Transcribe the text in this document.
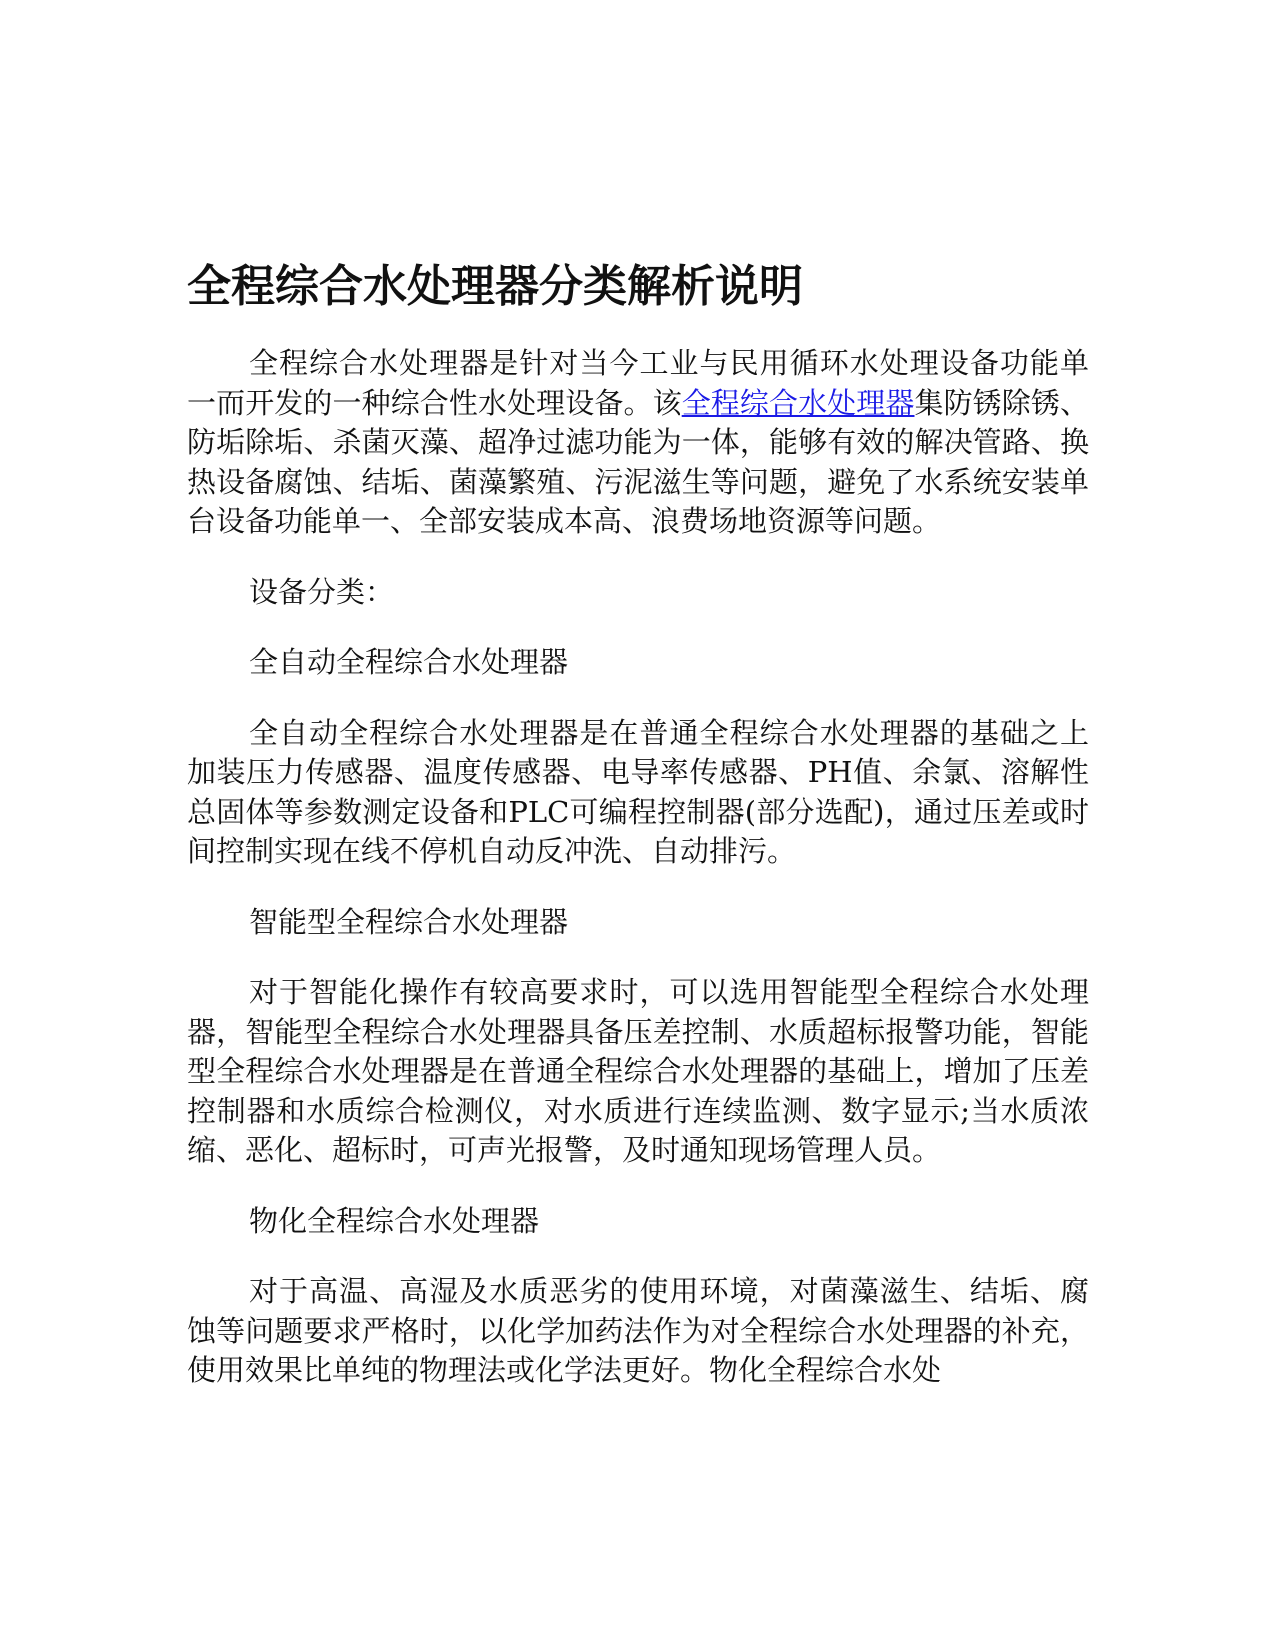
全程综合水处理器分类解析说明

全程综合水处理器是针对当今工业与民用循环水处理设备功能单一而开发的一种综合性水处理设备。该全程综合水处理器集防锈除锈、防垢除垢、杀菌灭藻、超净过滤功能为一体，能够有效的解决管路、换热设备腐蚀、结垢、菌藻繁殖、污泥滋生等问题，避免了水系统安装单台设备功能单一、全部安装成本高、浪费场地资源等问题。

设备分类：

全自动全程综合水处理器

全自动全程综合水处理器是在普通全程综合水处理器的基础之上加装压力传感器、温度传感器、电导率传感器、PH值、余氯、溶解性总固体等参数测定设备和PLC可编程控制器(部分选配)，通过压差或时间控制实现在线不停机自动反冲洗、自动排污。

智能型全程综合水处理器

对于智能化操作有较高要求时，可以选用智能型全程综合水处理器，智能型全程综合水处理器具备压差控制、水质超标报警功能，智能型全程综合水处理器是在普通全程综合水处理器的基础上，增加了压差控制器和水质综合检测仪，对水质进行连续监测、数字显示;当水质浓缩、恶化、超标时，可声光报警，及时通知现场管理人员。

物化全程综合水处理器

对于高温、高湿及水质恶劣的使用环境，对菌藻滋生、结垢、腐蚀等问题要求严格时，以化学加药法作为对全程综合水处理器的补充，使用效果比单纯的物理法或化学法更好。物化全程综合水处
